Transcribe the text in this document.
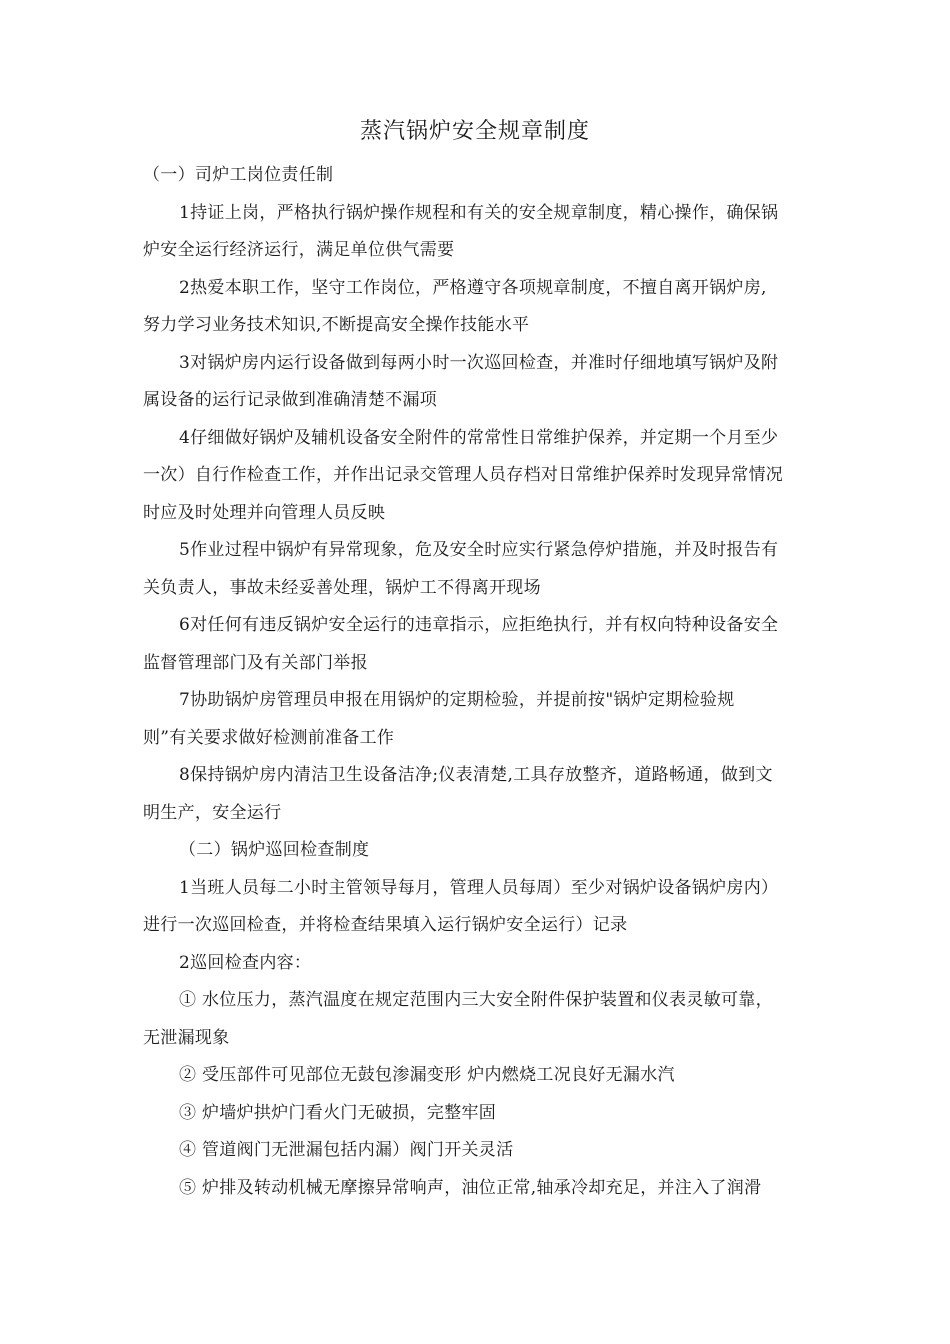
蒸汽锅炉安全规章制度
（一）司炉工岗位责任制
1持证上岗，严格执行锅炉操作规程和有关的安全规章制度，精心操作，确保锅
炉安全运行经济运行，满足单位供气需要
2热爱本职工作，坚守工作岗位，严格遵守各项规章制度，不擅自离开锅炉房,
努力学习业务技术知识,不断提高安全操作技能水平
3对锅炉房内运行设备做到每两小时一次巡回检查，并准时仔细地填写锅炉及附
属设备的运行记录做到准确清楚不漏项
4仔细做好锅炉及辅机设备安全附件的常常性日常维护保养，并定期一个月至少
一次）自行作检查工作，并作出记录交管理人员存档对日常维护保养时发现异常情况
时应及时处理并向管理人员反映
5作业过程中锅炉有异常现象，危及安全时应实行紧急停炉措施，并及时报告有
关负责人，事故未经妥善处理，锅炉工不得离开现场
6对任何有违反锅炉安全运行的违章指示，应拒绝执行，并有权向特种设备安全
监督管理部门及有关部门举报
7协助锅炉房管理员申报在用锅炉的定期检验，并提前按"锅炉定期检验规
则”有关要求做好检测前准备工作
8保持锅炉房内清洁卫生设备洁净;仪表清楚,工具存放整齐，道路畅通，做到文
明生产，安全运行
（二）锅炉巡回检查制度
1当班人员每二小时主管领导每月，管理人员每周）至少对锅炉设备锅炉房内）
进行一次巡回检查，并将检查结果填入运行锅炉安全运行）记录
2巡回检查内容：
① 水位压力，蒸汽温度在规定范围内三大安全附件保护装置和仪表灵敏可靠，
无泄漏现象
② 受压部件可见部位无鼓包渗漏变形 炉内燃烧工况良好无漏水汽
③ 炉墙炉拱炉门看火门无破损，完整牢固
④ 管道阀门无泄漏包括内漏）阀门开关灵活
⑤ 炉排及转动机械无摩擦异常响声，油位正常,轴承冷却充足，并注入了润滑
